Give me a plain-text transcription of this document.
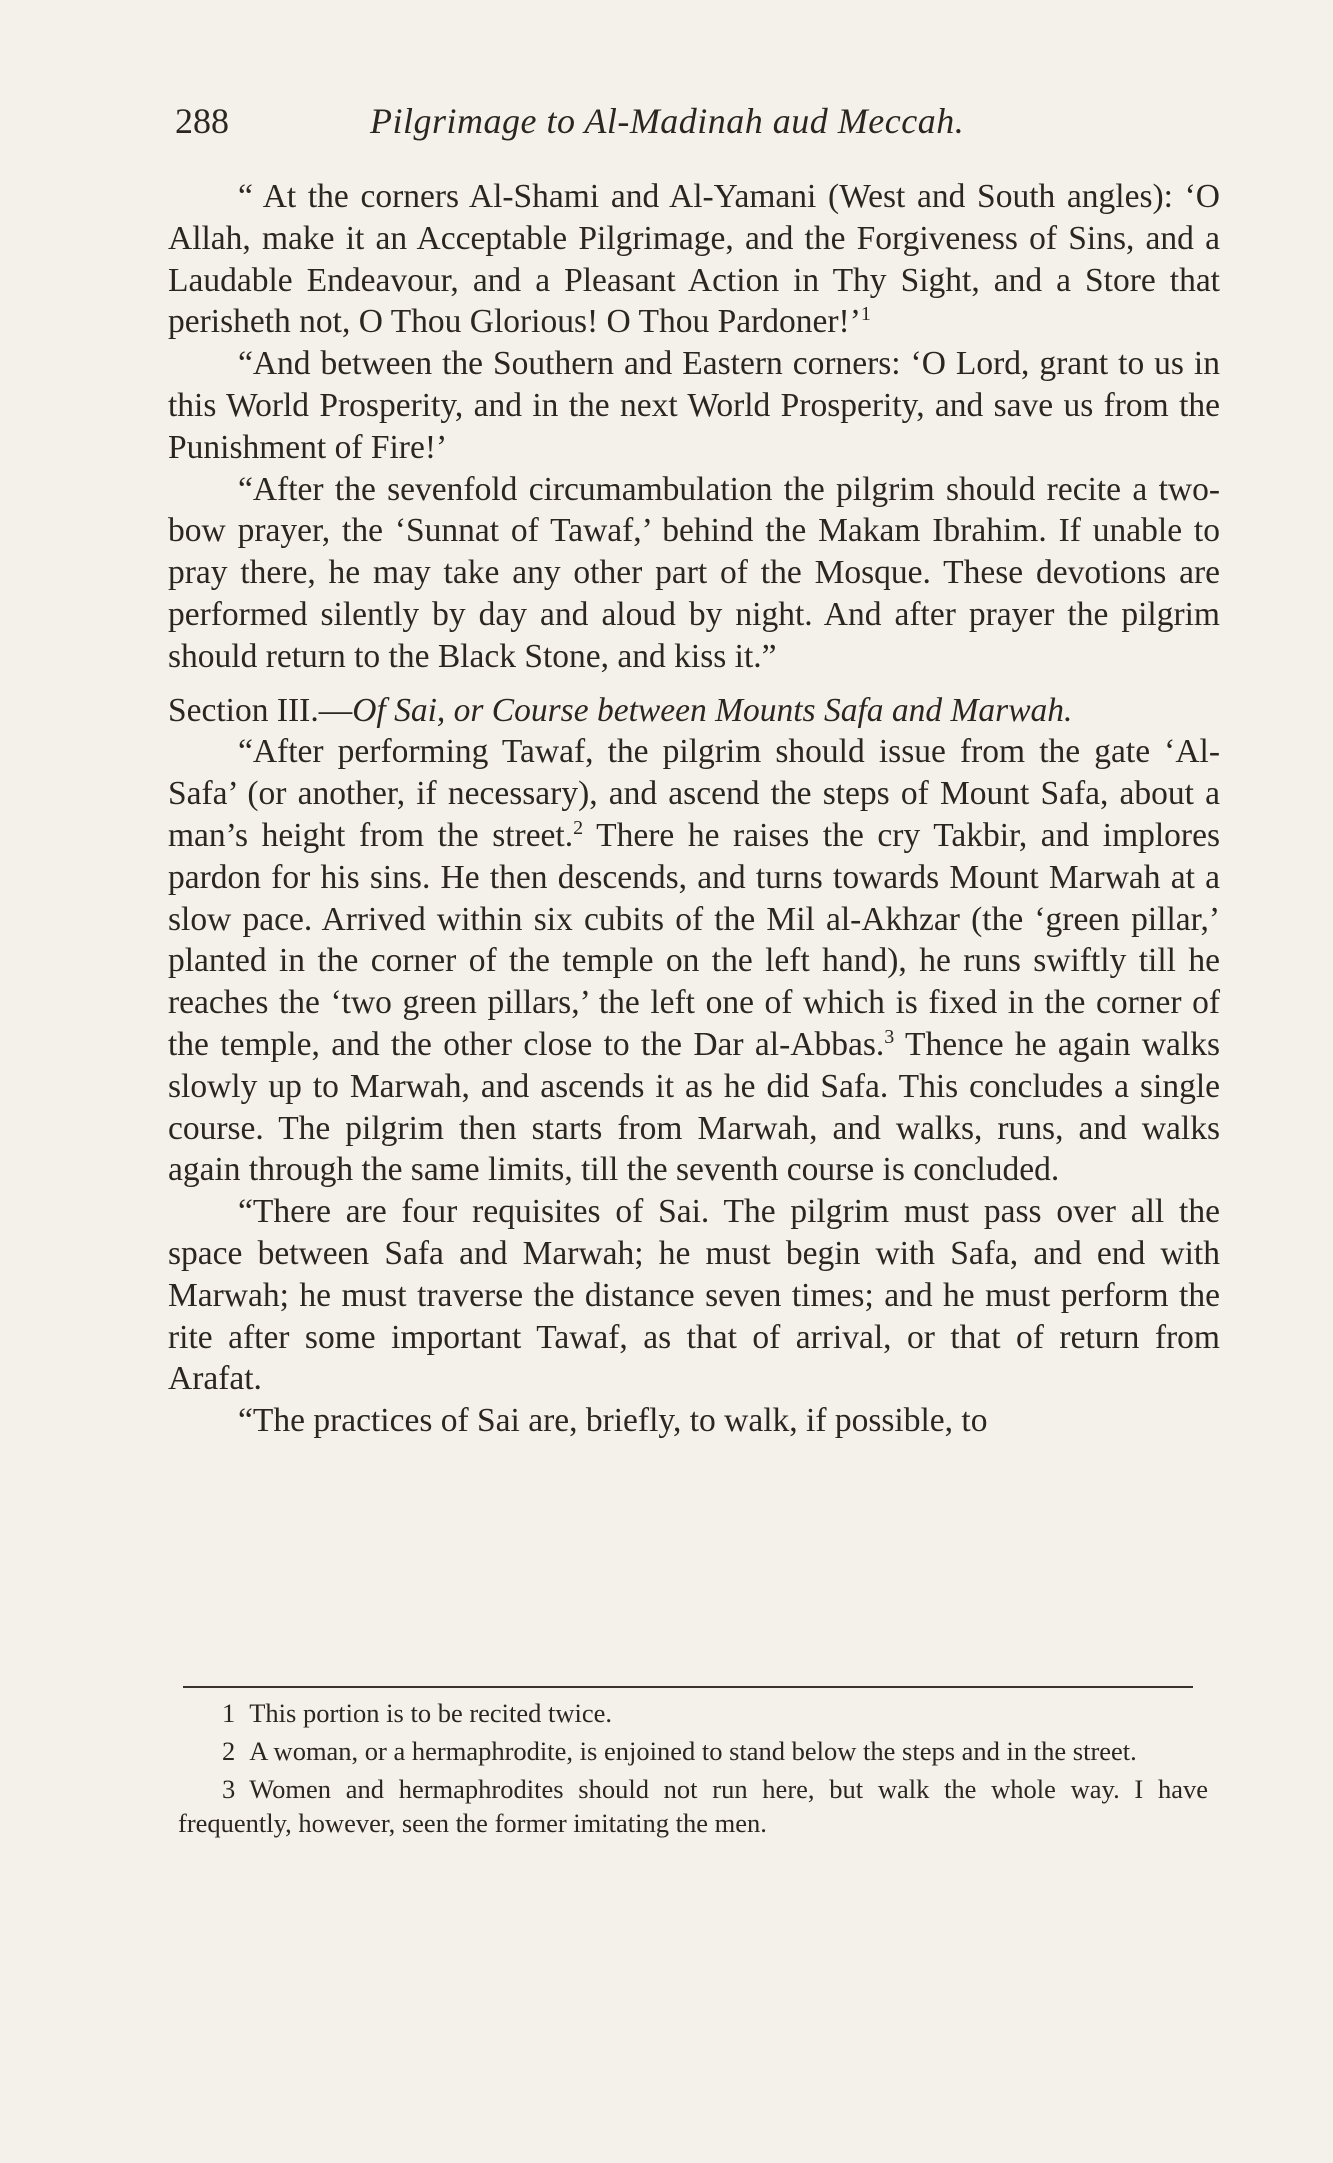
288	Pilgrimage to Al-Madinah aud Meccah.

“ At the corners Al-Shami and Al-Yamani (West and South angles): ‘O Allah, make it an Acceptable Pilgrimage, and the Forgiveness of Sins, and a Laudable Endeavour, and a Pleasant Action in Thy Sight, and a Store that perisheth not, O Thou Glorious! O Thou Pardoner!’$^1$

“And between the Southern and Eastern corners: ‘O Lord, grant to us in this World Prosperity, and in the next World Prosperity, and save us from the Punishment of Fire!’

“After the sevenfold circumambulation the pilgrim should recite a two-bow prayer, the ‘Sunnat of Tawaf,’ behind the Makam Ibrahim. If unable to pray there, he may take any other part of the Mosque. These devotions are performed silently by day and aloud by night. And after prayer the pilgrim should return to the Black Stone, and kiss it.”

Section III.—Of Sai, or Course between Mounts Safa and Marwah.

“After performing Tawaf, the pilgrim should issue from the gate ‘Al-Safa’ (or another, if necessary), and ascend the steps of Mount Safa, about a man’s height from the street.$^2$ There he raises the cry Takbir, and implores pardon for his sins. He then descends, and turns towards Mount Marwah at a slow pace. Arrived within six cubits of the Mil al-Akhzar (the ‘green pillar,’ planted in the corner of the temple on the left hand), he runs swiftly till he reaches the ‘two green pillars,’ the left one of which is fixed in the corner of the temple, and the other close to the Dar al-Abbas.$^3$ Thence he again walks slowly up to Marwah, and ascends it as he did Safa. This concludes a single course. The pilgrim then starts from Marwah, and walks, runs, and walks again through the same limits, till the seventh course is concluded.

“There are four requisites of Sai. The pilgrim must pass over all the space between Safa and Marwah; he must begin with Safa, and end with Marwah; he must traverse the distance seven times; and he must perform the rite after some important Tawaf, as that of arrival, or that of return from Arafat.

“The practices of Sai are, briefly, to walk, if possible, to

1 This portion is to be recited twice.

2 A woman, or a hermaphrodite, is enjoined to stand below the steps and in the street.

3 Women and hermaphrodites should not run here, but walk the whole way. I have frequently, however, seen the former imitating the men.
